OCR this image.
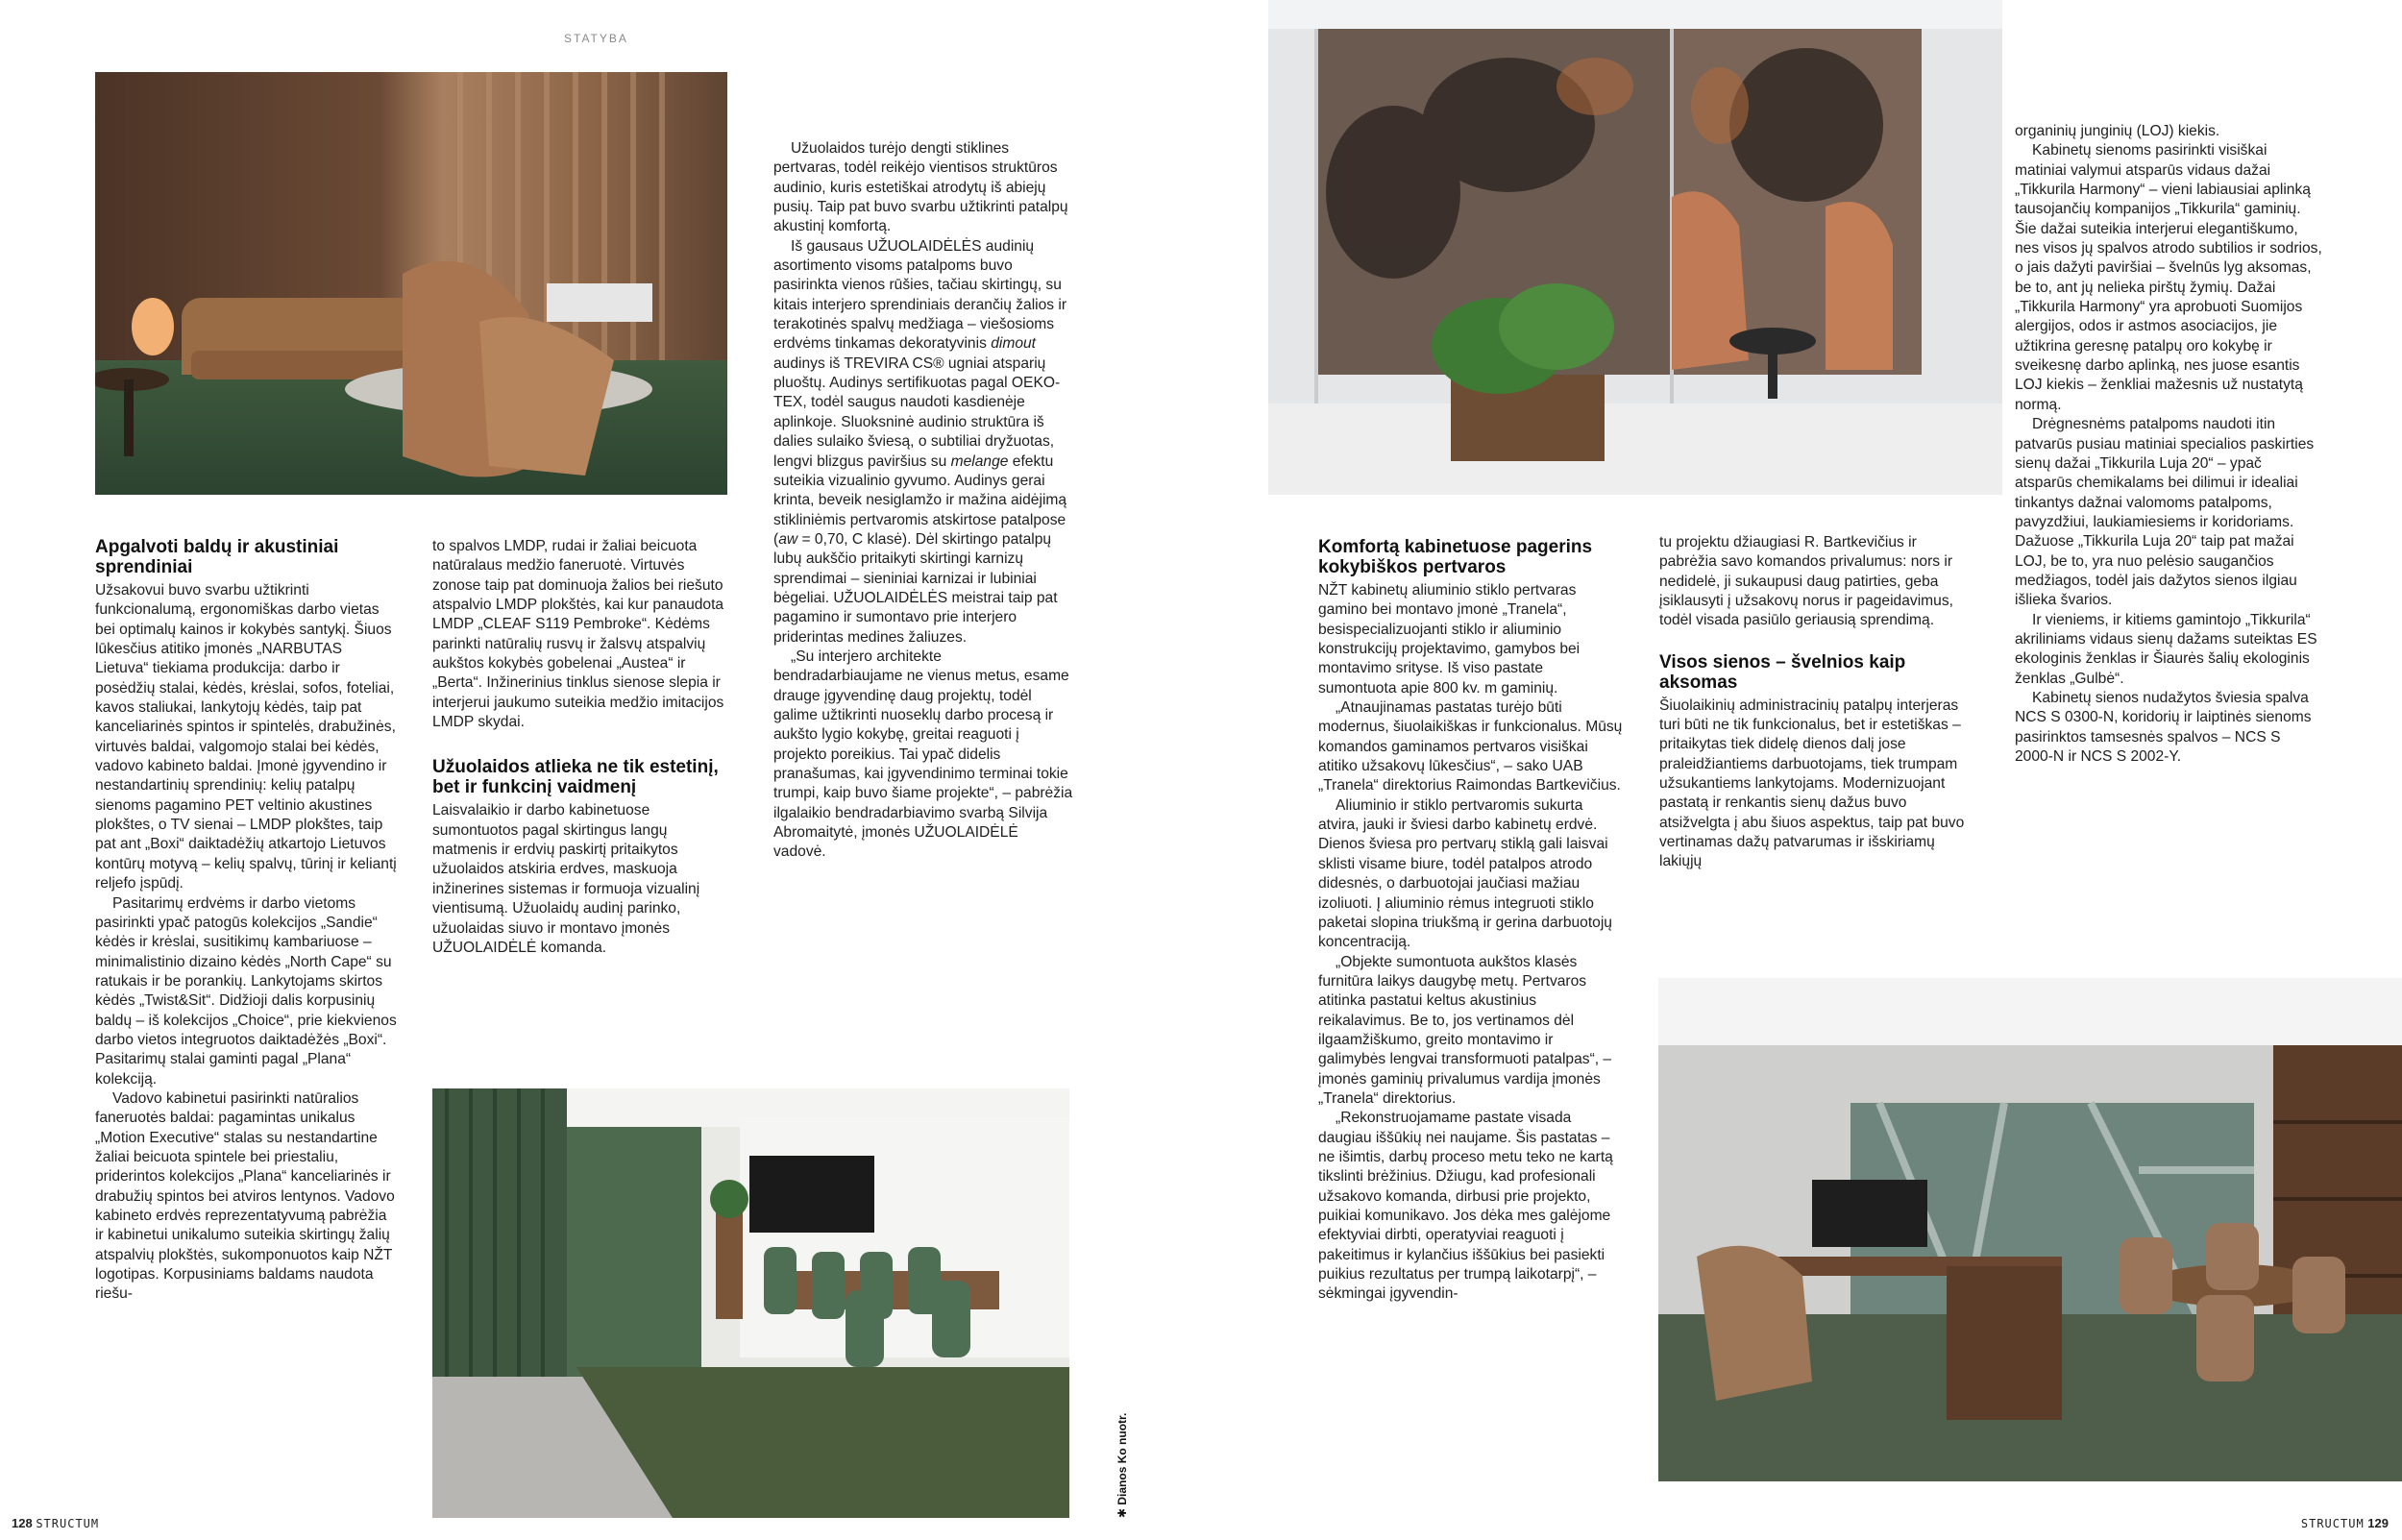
STATYBA
Apgalvoti baldų ir akustiniai sprendiniai

Užsakovui buvo svarbu užtikrinti funkcionalumą, ergonomiškas darbo vietas bei optimalų kainos ir kokybės santykį. Šiuos lūkesčius atitiko įmonės „NARBUTAS Lietuva“ tiekiama produkcija: darbo ir posėdžių stalai, kėdės, krėslai, sofos, foteliai, kavos staliukai, lankytojų kėdės, taip pat kanceliarinės spintos ir spintelės, drabužinės, virtuvės baldai, valgomojo stalai bei kėdės, vadovo kabineto baldai. Įmonė įgyvendino ir nestandartinių sprendinių: kelių patalpų sienoms pagamino PET veltinio akustines plokštes, o TV sienai – LMDP plokštes, taip pat ant „Boxi“ daiktadėžių atkartojo Lietuvos kontūrų motyvą – kelių spalvų, tūrinį ir keliantį reljefo įspūdį.

Pasitarimų erdvėms ir darbo vietoms pasirinkti ypač patogūs kolekcijos „Sandie“ kėdės ir krėslai, susitikimų kambariuose – minimalistinio dizaino kėdės „North Cape“ su ratukais ir be porankių. Lankytojams skirtos kėdės „Twist&Sit“. Didžioji dalis korpusinių baldų – iš kolekcijos „Choice“, prie kiekvienos darbo vietos integruotos daiktadėžės „Boxi“. Pasitarimų stalai gaminti pagal „Plana“ kolekciją.

Vadovo kabinetui pasirinkti natūralios faneruotės baldai: pagamintas unikalus „Motion Executive“ stalas su nestandartine žaliai beicuota spintele bei priestaliu, priderintos kolekcijos „Plana“ kanceliarinės ir drabužių spintos bei atviros lentynos. Vadovo kabineto erdvės reprezentatyvumą pabrėžia ir kabinetui unikalumo suteikia skirtingų žalių atspalvių plokštės, sukomponuotos kaip NŽT logotipas. Korpusiniams baldams naudota riešu-

to spalvos LMDP, rudai ir žaliai beicuota natūralaus medžio faneruotė. Virtuvės zonose taip pat dominuoja žalios bei riešuto atspalvio LMDP plokštės, kai kur panaudota LMDP „CLEAF S119 Pembroke“. Kėdėms parinkti natūralių rusvų ir žalsvų atspalvių aukštos kokybės gobelenai „Austea“ ir „Berta“. Inžinerinius tinklus sienose slepia ir interjerui jaukumo suteikia medžio imitacijos LMDP skydai.

Užuolaidos atlieka ne tik estetinį, bet ir funkcinį vaidmenį

Laisvalaikio ir darbo kabinetuose sumontuotos pagal skirtingus langų matmenis ir erdvių paskirtį pritaikytos užuolaidos atskiria erdves, maskuoja inžinerines sistemas ir formuoja vizualinį vientisumą. Užuolaidų audinį parinko, užuolaidas siuvo ir montavo įmonės UŽUOLAIDĖLĖ komanda.

Užuolaidos turėjo dengti stiklines pertvaras, todėl reikėjo vientisos struktūros audinio, kuris estetiškai atrodytų iš abiejų pusių. Taip pat buvo svarbu užtikrinti patalpų akustinį komfortą.

Iš gausaus UŽUOLAIDĖLĖS audinių asortimento visoms patalpoms buvo pasirinkta vienos rūšies, tačiau skirtingų, su kitais interjero sprendiniais derančių žalios ir terakotinės spalvų medžiaga – viešosioms erdvėms tinkamas dekoratyvinis dimout audinys iš TREVIRA CS® ugniai atsparių pluoštų. Audinys sertifikuotas pagal OEKO-TEX, todėl saugus naudoti kasdienėje aplinkoje. Sluoksninė audinio struktūra iš dalies sulaiko šviesą, o subtiliai dryžuotas, lengvi blizgus paviršius su melange efektu suteikia vizualinio gyvumo. Audinys gerai krinta, beveik nesiglamžo ir mažina aidėjimą stikliniėmis pertvaromis atskirtose patalpose (aw = 0,70, C klasė). Dėl skirtingo patalpų lubų aukščio pritaikyti skirtingi karnizų sprendimai – sieniniai karnizai ir lubiniai bėgeliai. UŽUOLAIDĖLĖS meistrai taip pat pagamino ir sumontavo prie interjero priderintas medines žaliuzes.

„Su interjero architekte bendradarbiaujame ne vienus metus, esame drauge įgyvendinę daug projektų, todėl galime užtikrinti nuoseklų darbo procesą ir aukšto lygio kokybę, greitai reaguoti į projekto poreikius. Tai ypač didelis pranašumas, kai įgyvendinimo terminai tokie trumpi, kaip buvo šiame projekte“, – pabrėžia ilgalaikio bendradarbiavimo svarbą Silvija Abromaitytė, įmonės UŽUOLAIDĖLĖ vadovė.

Komfortą kabinetuose pagerins kokybiškos pertvaros

NŽT kabinetų aliuminio stiklo pertvaras gamino bei montavo įmonė „Tranela“, besispecializuojanti stiklo ir aliuminio konstrukcijų projektavimo, gamybos bei montavimo srityse. Iš viso pastate sumontuota apie 800 kv. m gaminių.

„Atnaujinamas pastatas turėjo būti modernus, šiuolaikiškas ir funkcionalus. Mūsų komandos gaminamos pertvaros visiškai atitiko užsakovų lūkesčius“, – sako UAB „Tranela“ direktorius Raimondas Bartkevičius.

Aliuminio ir stiklo pertvaromis sukurta atvira, jauki ir šviesi darbo kabinetų erdvė. Dienos šviesa pro pertvarų stiklą gali laisvai sklisti visame biure, todėl patalpos atrodo didesnės, o darbuotojai jaučiasi mažiau izoliuoti. Į aliuminio rėmus integruoti stiklo paketai slopina triukšmą ir gerina darbuotojų koncentraciją.

„Objekte sumontuota aukštos klasės furnitūra laikys daugybę metų. Pertvaros atitinka pastatui keltus akustinius reikalavimus. Be to, jos vertinamos dėl ilgaamžiškumo, greito montavimo ir galimybės lengvai transformuoti patalpas“, – įmonės gaminių privalumus vardija įmonės „Tranela“ direktorius.

„Rekonstruojamame pastate visada daugiau iššūkių nei naujame. Šis pastatas – ne išimtis, darbų proceso metu teko ne kartą tikslinti brėžinius. Džiugu, kad profesionali užsakovo komanda, dirbusi prie projekto, puikiai komunikavo. Jos dėka mes galėjome efektyviai dirbti, operatyviai reaguoti į pakeitimus ir kylančius iššūkius bei pasiekti puikius rezultatus per trumpą laikotarpį“, – sėkmingai įgyvendin-

tu projektu džiaugiasi R. Bartkevičius ir pabrėžia savo komandos privalumus: nors ir nedidelė, ji sukaupusi daug patirties, geba įsiklausyti į užsakovų norus ir pageidavimus, todėl visada pasiūlo geriausią sprendimą.

Visos sienos – švelnios kaip aksomas

Šiuolaikinių administracinių patalpų interjeras turi būti ne tik funkcionalus, bet ir estetiškas – pritaikytas tiek didelę dienos dalį jose praleidžiantiems darbuotojams, tiek trumpam užsukantiems lankytojams. Modernizuojant pastatą ir renkantis sienų dažus buvo atsižvelgta į abu šiuos aspektus, taip pat buvo vertinamas dažų patvarumas ir išskiriamų lakiųjų

organinių junginių (LOJ) kiekis.

Kabinetų sienoms pasirinkti visiškai matiniai valymui atsparūs vidaus dažai „Tikkurila Harmony“ – vieni labiausiai aplinką tausojančių kompanijos „Tikkurila“ gaminių. Šie dažai suteikia interjerui elegantiškumo, nes visos jų spalvos atrodo subtilios ir sodrios, o jais dažyti paviršiai – švelnūs lyg aksomas, be to, ant jų nelieka pirštų žymių. Dažai „Tikkurila Harmony“ yra aprobuoti Suomijos alergijos, odos ir astmos asociacijos, jie užtikrina geresnę patalpų oro kokybę ir sveikesnę darbo aplinką, nes juose esantis LOJ kiekis – ženkliai mažesnis už nustatytą normą.

Drėgnesnėms patalpoms naudoti itin patvarūs pusiau matiniai specialios paskirties sienų dažai „Tikkurila Luja 20“ – ypač atsparūs chemikalams bei dilimui ir idealiai tinkantys dažnai valomoms patalpoms, pavyzdžiui, laukiamiesiems ir koridoriams. Dažuose „Tikkurila Luja 20“ taip pat mažai LOJ, be to, yra nuo pelėsio saugančios medžiagos, todėl jais dažytos sienos ilgiau išlieka švarios.

Ir vieniems, ir kitiems gamintojo „Tikkurila“ akriliniams vidaus sienų dažams suteiktas ES ekologinis ženklas ir Šiaurės šalių ekologinis ženklas „Gulbė“.

Kabinetų sienos nudažytos šviesia spalva NCS S 0300-N, koridorių ir laiptinės sienoms pasirinktos tamsesnės spalvos – NCS S 2000-N ir NCS S 2002-Y.

✱ Dianos Ko nuotr.
128 STRUCTUM	STRUCTUM 129
